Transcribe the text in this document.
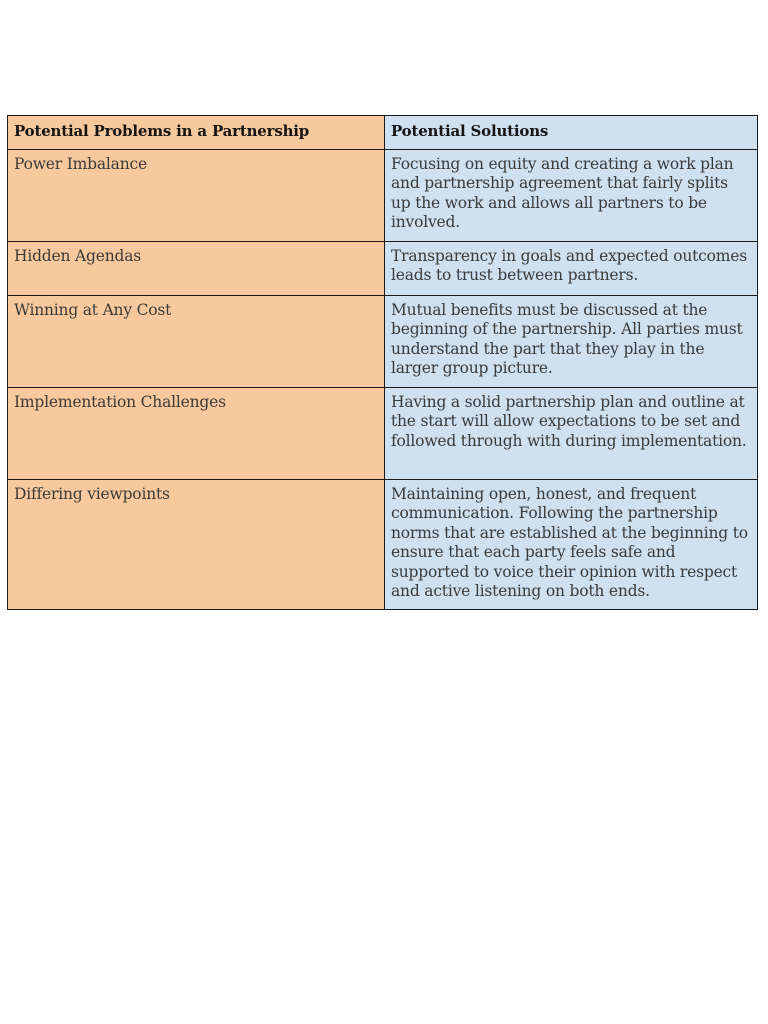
Potential Problems in a Partnership	Potential Solutions
Power Imbalance	Focusing on equity and creating a work plan and partnership agreement that fairly splits up the work and allows all partners to be involved.
Hidden Agendas	Transparency in goals and expected outcomes leads to trust between partners.
Winning at Any Cost	Mutual benefits must be discussed at the beginning of the partnership. All parties must understand the part that they play in the larger group picture.
Implementation Challenges	Having a solid partnership plan and outline at the start will allow expectations to be set and followed through with during implementation.
Differing viewpoints	Maintaining open, honest, and frequent communication. Following the partnership norms that are established at the beginning to ensure that each party feels safe and supported to voice their opinion with respect and active listening on both ends.
